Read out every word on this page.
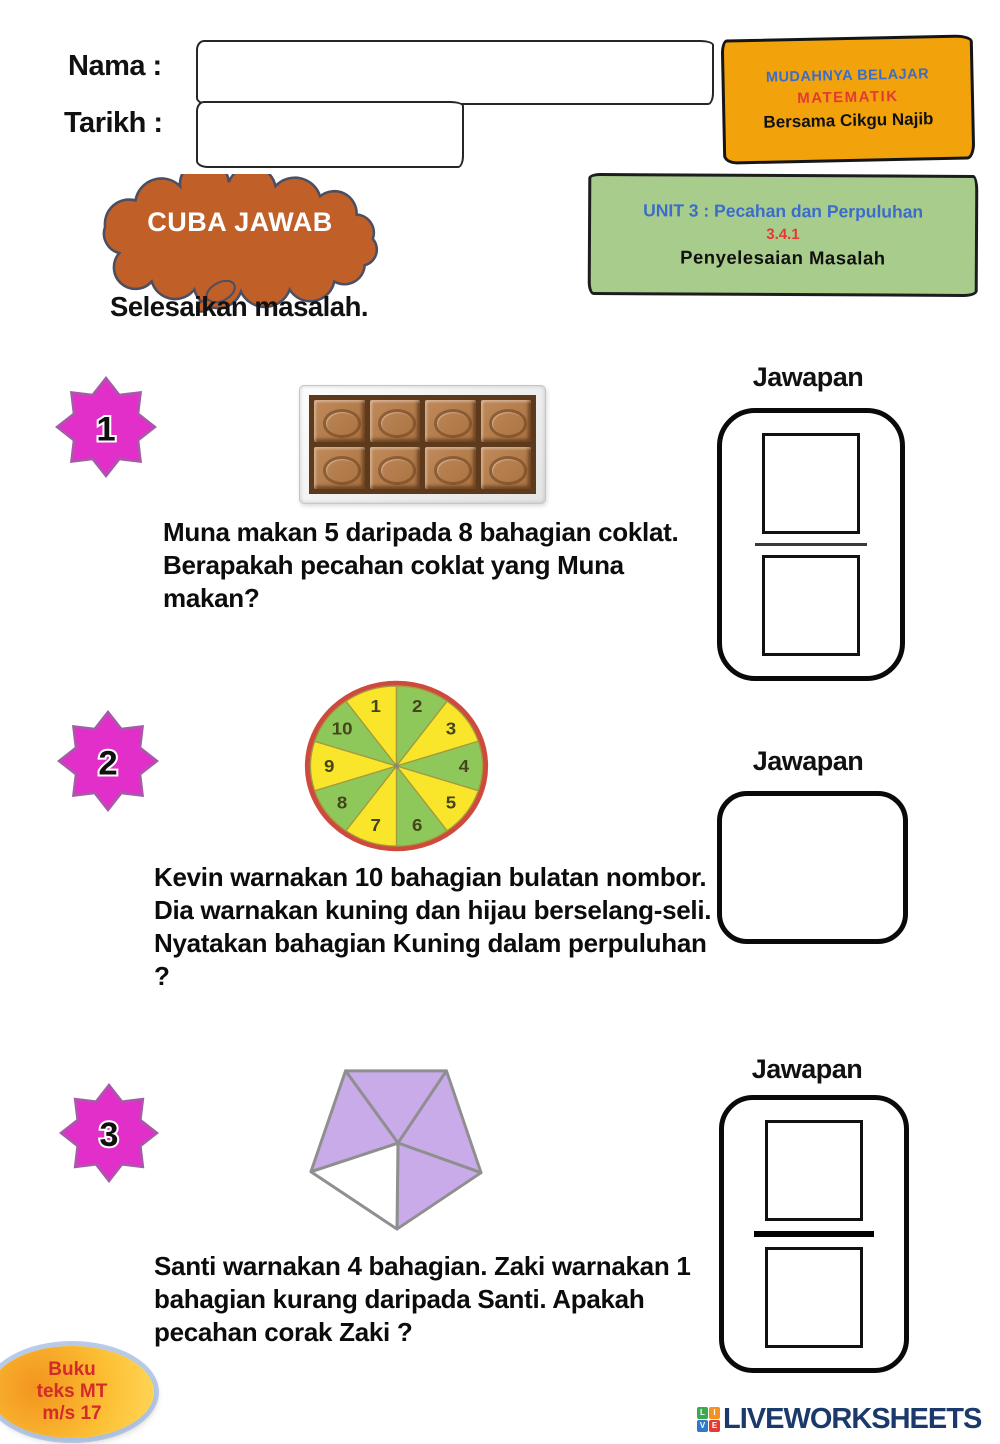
Nama :
Tarikh :
MUDAHNYA BELAJAR
MATEMATIK
Bersama Cikgu Najib
UNIT 3 : Pecahan dan Perpuluhan
3.4.1
Penyelesaian Masalah
CUBA JAWAB
Selesaikan masalah.
1
Muna makan 5 daripada 8 bahagian coklat. Berapakah pecahan coklat yang Muna makan?
Jawapan
2
1 2
3
4
5
6
7
8
9
10
Jawapan
Kevin warnakan 10 bahagian bulatan nombor. Dia warnakan kuning dan hijau berselang-seli. Nyatakan bahagian Kuning dalam perpuluhan ?
3
Jawapan
Santi warnakan 4 bahagian. Zaki warnakan 1 bahagian kurang daripada Santi. Apakah pecahan corak Zaki ?
Buku
teks MT
m/s 17	L	I
V E LIVEWORKSHEETS
